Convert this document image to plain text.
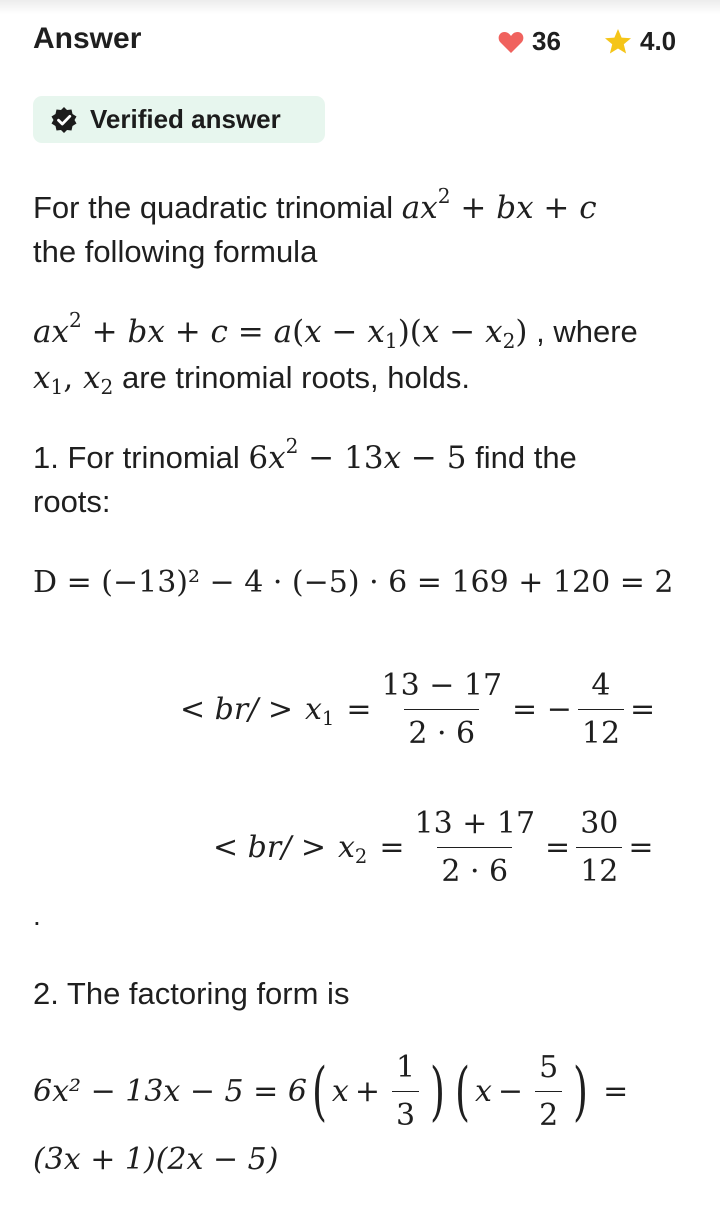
Answer	36	4.0
Verified answer
For the quadratic trinomial $ax^2$ + bx + c
the following formula
$ax^2$ + bx + $c = a(x - x_1)(x - x_2)$ , where
$x_1$, $x_2$ are trinomial roots, holds.
1. For trinomial $6x^2 - 13x - 5$ find the
roots:
D = (−13)² − 4 · (−5) · 6 = 169 + 120 = 2
< $br/ > x_1 = \frac{13 - 17}{2 \cdot 6}$ = − $\frac{4}{12}$ =
< $br/ > x_2 = \frac{13 + 17}{2 \cdot 6} = \frac{30}{12}$ =
.
2. The factoring form is
6x² − 13x − 5 = 6 ( $x + \frac{1}{3}$ ) ( $x - \frac{5}{2}$ ) =
(3x + 1)(2x − 5)
